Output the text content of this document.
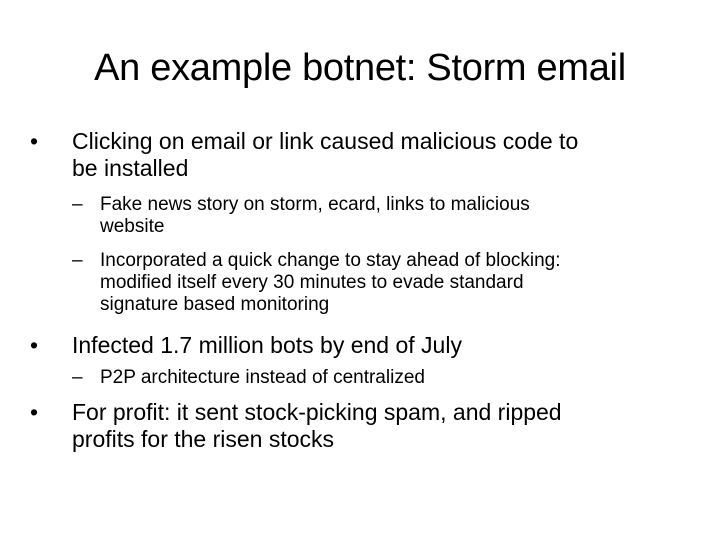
An example botnet: Storm email
• Clicking on email or link caused malicious code to
be installed
– Fake news story on storm, ecard, links to malicious
website
– Incorporated a quick change to stay ahead of blocking:
modified itself every 30 minutes to evade standard
signature based monitoring
• Infected 1.7 million bots by end of July
– P2P architecture instead of centralized
• For profit: it sent stock-picking spam, and ripped
profits for the risen stocks
